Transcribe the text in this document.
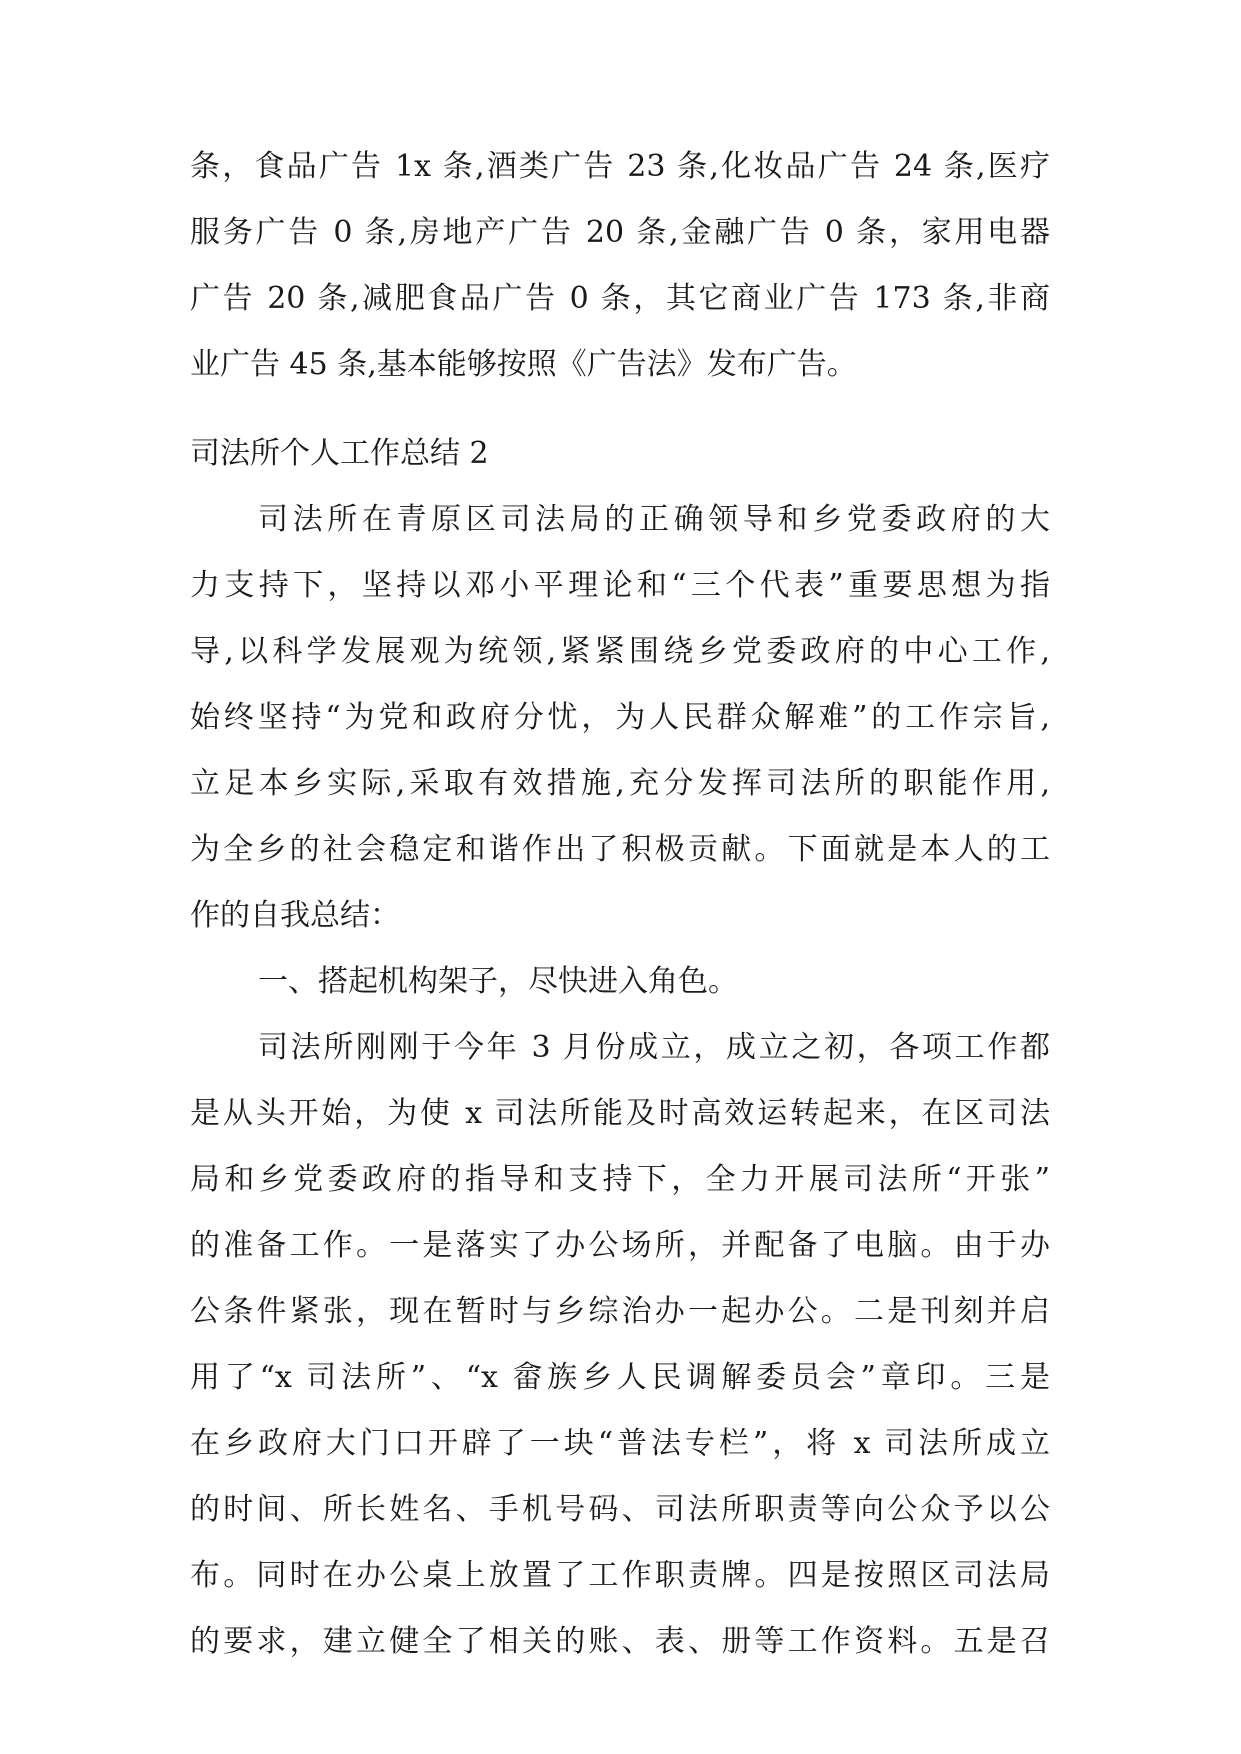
条，食品广告 1x 条,酒类广告 23 条,化妆品广告 24 条,医疗
服务广告 0 条,房地产广告 20 条,金融广告 0 条，家用电器
广告 20 条,减肥食品广告 0 条，其它商业广告 173 条,非商
业广告 45 条,基本能够按照《广告法》发布广告。
司法所个人工作总结 2
司法所在青原区司法局的正确领导和乡党委政府的大
力支持下，坚持以邓小平理论和“三个代表”重要思想为指
导,以科学发展观为统领,紧紧围绕乡党委政府的中心工作,
始终坚持“为党和政府分忧，为人民群众解难”的工作宗旨,
立足本乡实际,采取有效措施,充分发挥司法所的职能作用,
为全乡的社会稳定和谐作出了积极贡献。下面就是本人的工
作的自我总结：
一、搭起机构架子，尽快进入角色。
司法所刚刚于今年 3 月份成立，成立之初，各项工作都
是从头开始，为使 x 司法所能及时高效运转起来，在区司法
局和乡党委政府的指导和支持下，全力开展司法所“开张”
的准备工作。一是落实了办公场所，并配备了电脑。由于办
公条件紧张，现在暂时与乡综治办一起办公。二是刊刻并启
用了“x 司法所”、“x 畲族乡人民调解委员会”章印。三是
在乡政府大门口开辟了一块“普法专栏”，将 x 司法所成立
的时间、所长姓名、手机号码、司法所职责等向公众予以公
布。同时在办公桌上放置了工作职责牌。四是按照区司法局
的要求，建立健全了相关的账、表、册等工作资料。五是召
